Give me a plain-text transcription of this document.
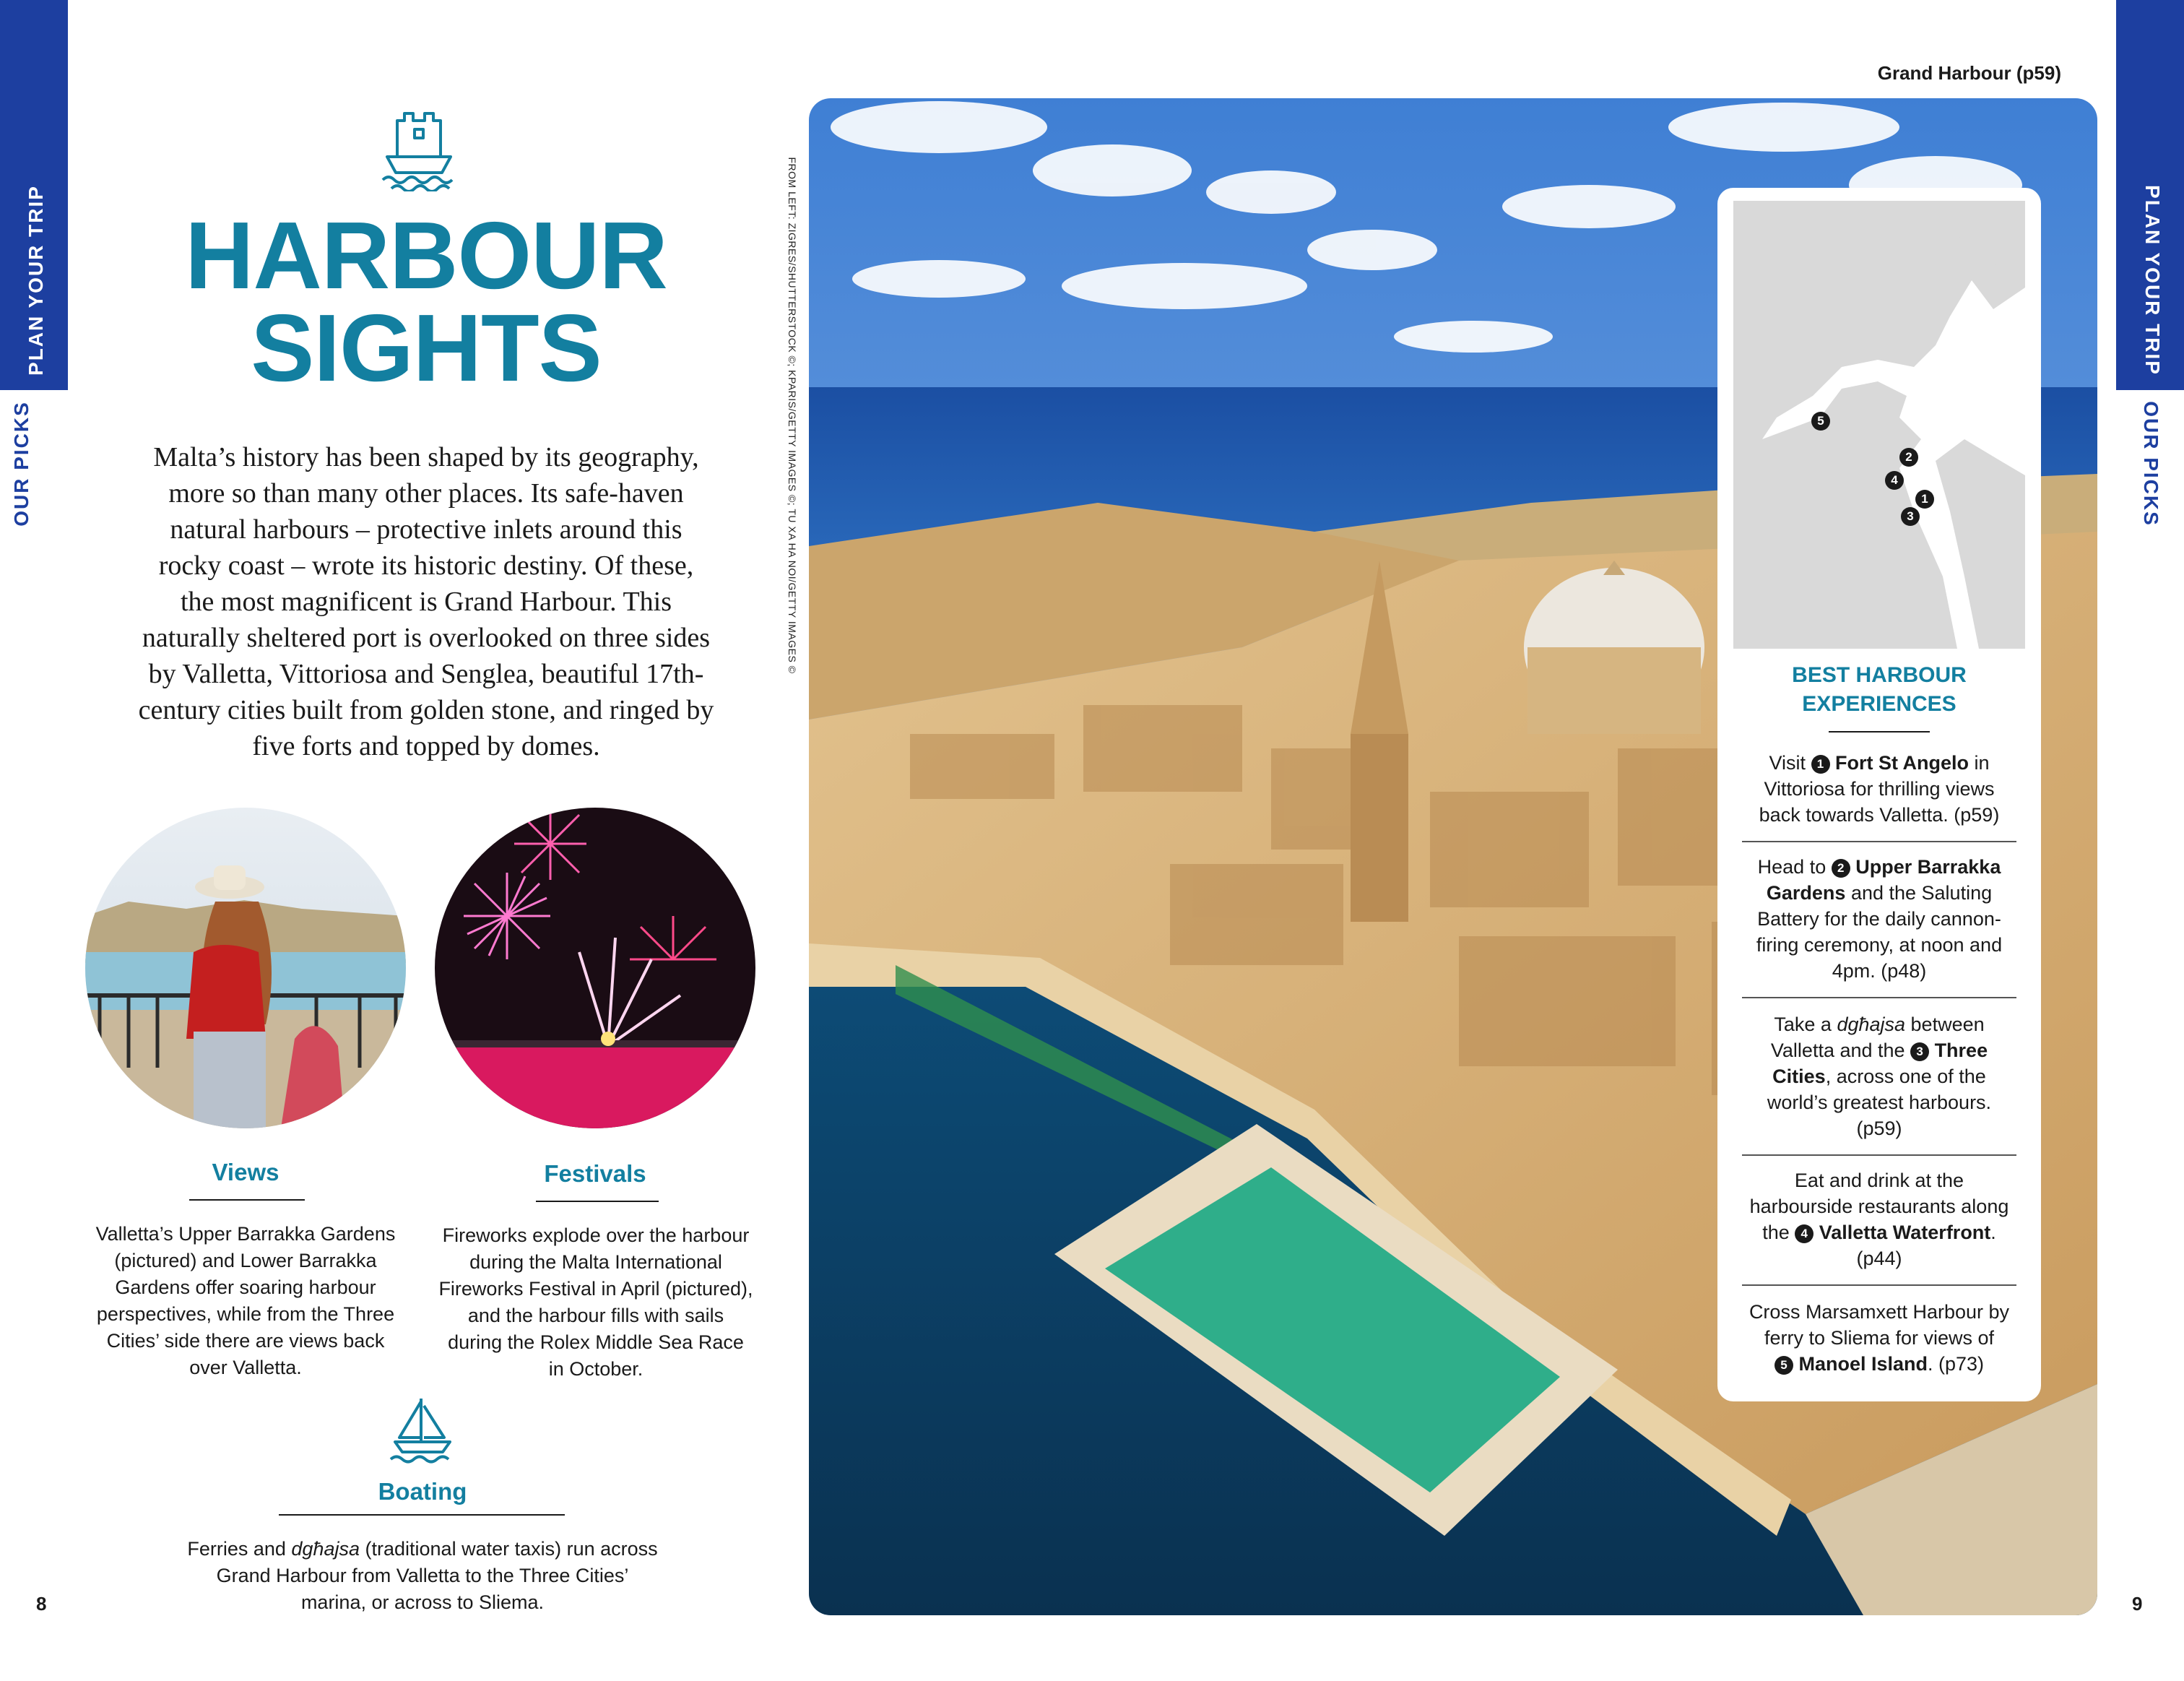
PLAN YOUR TRIP
OUR PICKS
PLAN YOUR TRIP
OUR PICKS
8	9
HARBOUR
SIGHTS
Malta’s history has been shaped by its geography,
more so than many other places. Its safe-haven
natural harbours – protective inlets around this
rocky coast – wrote its historic destiny. Of these,
the most magnificent is Grand Harbour. This
naturally sheltered port is overlooked on three sides
by Valletta, Vittoriosa and Senglea, beautiful 17th-
century cities built from golden stone, and ringed by
five forts and topped by domes.
Views
Valletta’s Upper Barrakka Gardens
(pictured) and Lower Barrakka
Gardens offer soaring harbour
perspectives, while from the Three
Cities’ side there are views back
over Valletta.
Festivals
Fireworks explode over the harbour
during the Malta International
Fireworks Festival in April (pictured),
and the harbour fills with sails
during the Rolex Middle Sea Race
in October.
Boating
Ferries and dgħajsa (traditional water taxis) run across
Grand Harbour from Valletta to the Three Cities’
marina, or across to Sliema.
FROM LEFT: ZIGRES/SHUTTERSTOCK ©; KPARIS/GETTY IMAGES ©; TU XA HA NOI/GETTY IMAGES ©
Grand Harbour (p59)
5
2
4
1
3
BEST HARBOUR
EXPERIENCES
Visit 1 Fort St Angelo in
Vittoriosa for thrilling views
back towards Valletta. (p59)
Head to 2 Upper Barrakka
Gardens and the Saluting
Battery for the daily cannon-
firing ceremony, at noon and
4pm. (p48)
Take a dgħajsa between
Valletta and the 3 Three
Cities, across one of the
world’s greatest harbours.
(p59)
Eat and drink at the
harbourside restaurants along
the 4 Valletta Waterfront.
(p44)
Cross Marsamxett Harbour by
ferry to Sliema for views of
5 Manoel Island. (p73)
